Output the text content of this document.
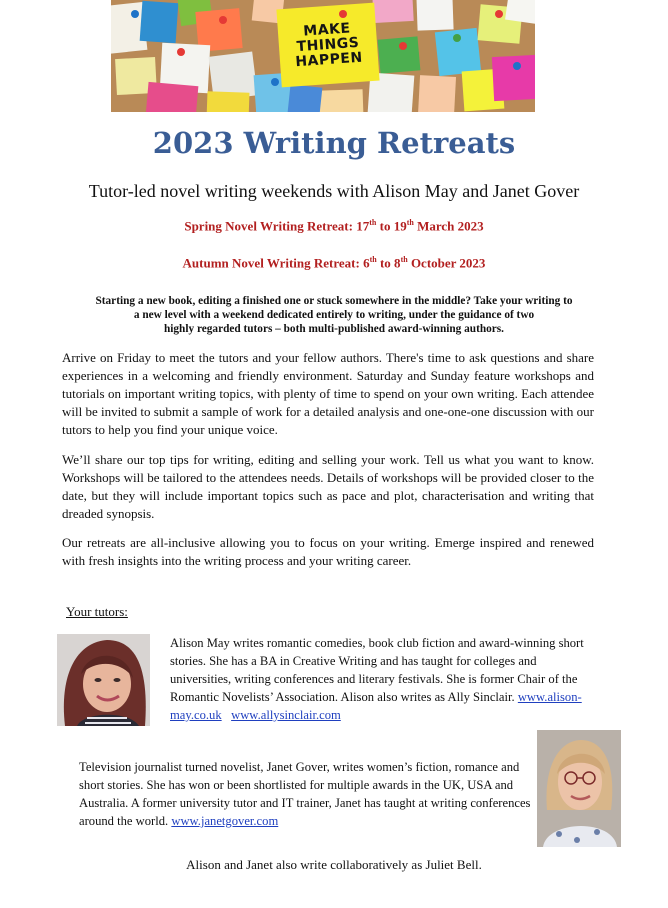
MAKE
THINGS
HAPPEN
2023 Writing Retreats
Tutor-led novel writing weekends with Alison May and Janet Gover
Spring Novel Writing Retreat: 17th to 19th March 2023
Autumn Novel Writing Retreat: 6th to 8th October 2023
Starting a new book, editing a finished one or stuck somewhere in the middle? Take your writing to
a new level with a weekend dedicated entirely to writing, under the guidance of two
highly regarded tutors – both multi-published award-winning authors.

Arrive on Friday to meet the tutors and your fellow authors. There's time to ask questions and share experiences in a welcoming and friendly environment. Saturday and Sunday feature workshops and tutorials on important writing topics, with plenty of time to spend on your own writing. Each attendee will be invited to submit a sample of work for a detailed analysis and one-one-one discussion with our tutors to help you find your unique voice.

We’ll share our top tips for writing, editing and selling your work. Tell us what you want to know. Workshops will be tailored to the attendees needs. Details of workshops will be provided closer to the date, but they will include important topics such as pace and plot, characterisation and writing that dreaded synopsis.

Our retreats are all-inclusive allowing you to focus on your writing. Emerge inspired and renewed with fresh insights into the writing process and your writing career.

Your tutors:

Alison May writes romantic comedies, book club fiction and award-winning short stories. She has a BA in Creative Writing and has taught for colleges and universities, writing conferences and literary festivals. She is former Chair of the Romantic Novelists’ Association. Alison also writes as Ally Sinclair. www.alison-may.co.uk www.allysinclair.com

Television journalist turned novelist, Janet Gover, writes women’s fiction, romance and short stories. She has won or been shortlisted for multiple awards in the UK, USA and Australia. A former university tutor and IT trainer, Janet has taught at writing conferences around the world. www.janetgover.com

Alison and Janet also write collaboratively as Juliet Bell.
